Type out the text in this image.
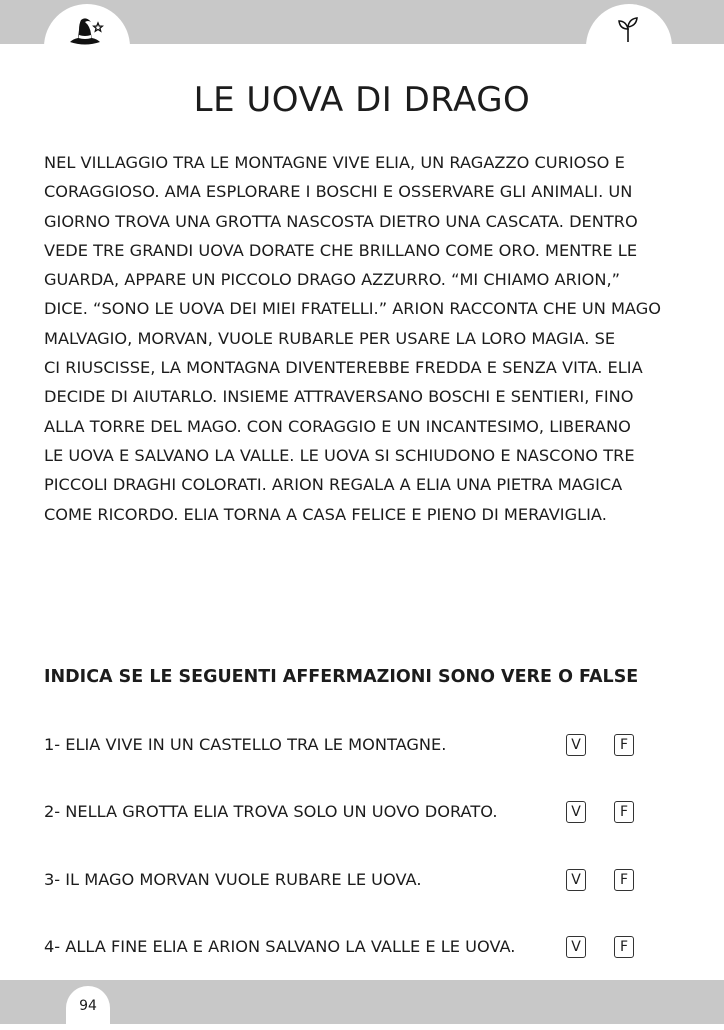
LE UOVA DI DRAGO
NEL VILLAGGIO TRA LE MONTAGNE VIVE ELIA, UN RAGAZZO CURIOSO E
CORAGGIOSO. AMA ESPLORARE I BOSCHI E OSSERVARE GLI ANIMALI. UN
GIORNO TROVA UNA GROTTA NASCOSTA DIETRO UNA CASCATA. DENTRO
VEDE TRE GRANDI UOVA DORATE CHE BRILLANO COME ORO. MENTRE LE
GUARDA, APPARE UN PICCOLO DRAGO AZZURRO. “MI CHIAMO ARION,”
DICE. “SONO LE UOVA DEI MIEI FRATELLI.” ARION RACCONTA CHE UN MAGO
MALVAGIO, MORVAN, VUOLE RUBARLE PER USARE LA LORO MAGIA. SE
CI RIUSCISSE, LA MONTAGNA DIVENTEREBBE FREDDA E SENZA VITA. ELIA
DECIDE DI AIUTARLO. INSIEME ATTRAVERSANO BOSCHI E SENTIERI, FINO
ALLA TORRE DEL MAGO. CON CORAGGIO E UN INCANTESIMO, LIBERANO
LE UOVA E SALVANO LA VALLE. LE UOVA SI SCHIUDONO E NASCONO TRE
PICCOLI DRAGHI COLORATI. ARION REGALA A ELIA UNA PIETRA MAGICA
COME RICORDO. ELIA TORNA A CASA FELICE E PIENO DI MERAVIGLIA.
INDICA SE LE SEGUENTI AFFERMAZIONI SONO VERE O FALSE
1- ELIA VIVE IN UN CASTELLO TRA LE MONTAGNE.	V	F
2- NELLA GROTTA ELIA TROVA SOLO UN UOVO DORATO.	V	F
3- IL MAGO MORVAN VUOLE RUBARE LE UOVA.	V	F
4- ALLA FINE ELIA E ARION SALVANO LA VALLE E LE UOVA.	V	F
94
